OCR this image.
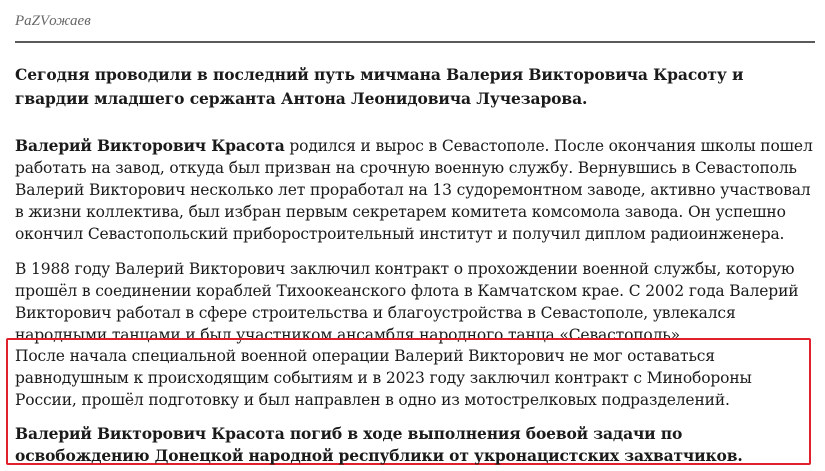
PaZVожаев
Сегодня проводили в последний путь мичмана Валерия Викторовича Красоту и гвардии младшего сержанта Антона Леонидовича Лучезарова.

Валерий Викторович Красота родился и вырос в Севастополе. После окончания школы пошел работать на завод, откуда был призван на срочную военную службу. Вернувшись в Севастополь Валерий Викторович несколько лет проработал на 13 судоремонтном заводе, активно участвовал в жизни коллектива, был избран первым секретарем комитета комсомола завода. Он успешно окончил Севастопольский приборостроительный институт и получил диплом радиоинженера.

В 1988 году Валерий Викторович заключил контракт о прохождении военной службы, которую прошёл в соединении кораблей Тихоокеанского флота в Камчатском крае. С 2002 года Валерий Викторович работал в сфере строительства и благоустройства в Севастополе, увлекался народными танцами и был участником ансамбля народного танца «Севастополь».

После начала специальной военной операции Валерий Викторович не мог оставаться равнодушным к происходящим событиям и в 2023 году заключил контракт с Минобороны России, прошёл подготовку и был направлен в одно из мотострелковых подразделений.

Валерий Викторович Красота погиб в ходе выполнения боевой задачи по освобождению Донецкой народной республики от укронацистских захватчиков.
